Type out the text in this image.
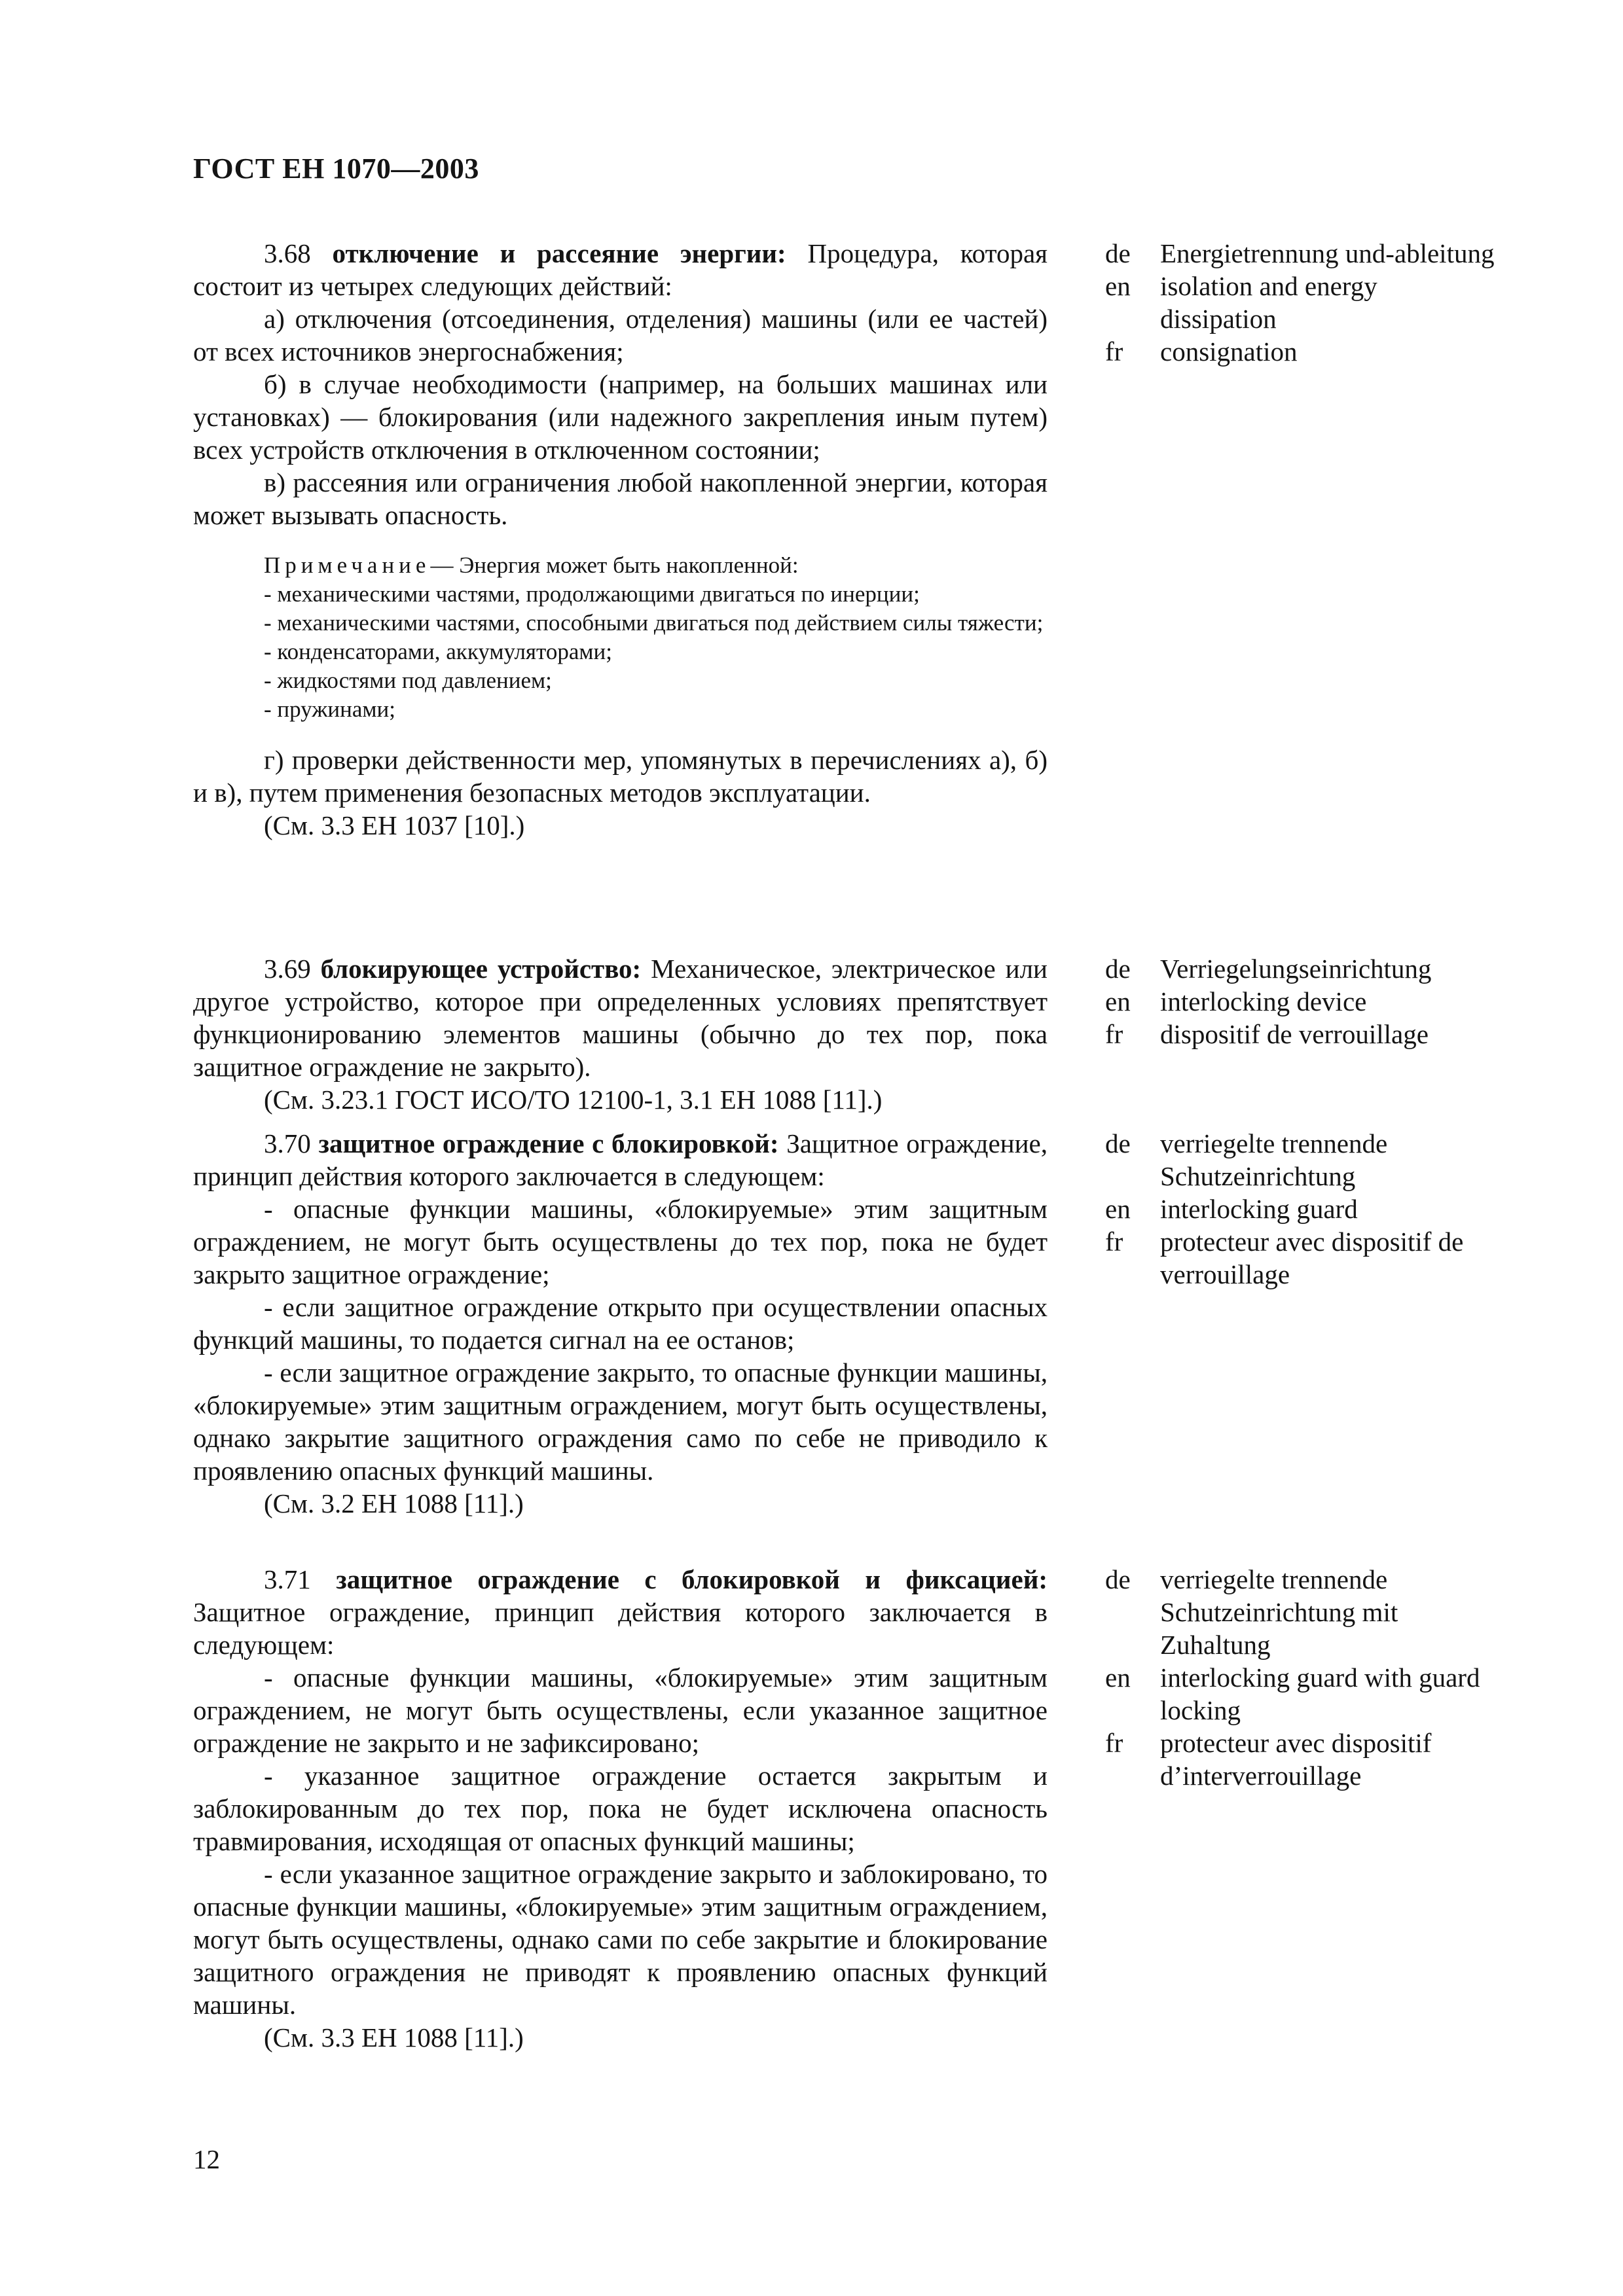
ГОСТ ЕН 1070—2003

3.68 отключение и рассеяние энергии: Процедура, которая состоит из четырех следующих действий:

а) отключения (отсоединения, отделения) машины (или ее частей) от всех источников энергоснабжения;

б) в случае необходимости (например, на больших машинах или установках) — блокирования (или надежного закрепления иным путем) всех устройств отключения в отключенном состоянии;

в) рассеяния или ограничения любой накопленной энергии, которая может вызывать опасность.

Примечание— Энергия может быть накопленной:
- механическими частями, продолжающими двигаться по инерции;
- механическими частями, способными двигаться под действием силы тяжести;
- конденсаторами, аккумуляторами;
- жидкостями под давлением;
- пружинами;

г) проверки действенности мер, упомянутых в перечислениях а), б) и в), путем применения безопасных методов эксплуатации.

(См. 3.3 ЕН 1037 [10].)

de	Energietrennung und-ableitung
en	isolation and energy dissipation
fr	consignation

3.69 блокирующее устройство: Механическое, электрическое или другое устройство, которое при определенных условиях препятствует функционированию элементов машины (обычно до тех пор, пока защитное ограждение не закрыто).

(См. 3.23.1 ГОСТ ИСО/ТО 12100-1, 3.1 ЕН 1088 [11].)

de	Verriegelungseinrichtung
en	interlocking device
fr	dispositif de verrouillage

3.70 защитное ограждение с блокировкой: Защитное ограждение, принцип действия которого заключается в следующем:

- опасные функции машины, «блокируемые» этим защитным ограждением, не могут быть осуществлены до тех пор, пока не будет закрыто защитное ограждение;

- если защитное ограждение открыто при осуществлении опасных функций машины, то подается сигнал на ее останов;

- если защитное ограждение закрыто, то опасные функции машины, «блокируемые» этим защитным ограждением, могут быть осуществлены, однако закрытие защитного ограждения само по себе не приводило к проявлению опасных функций машины.

(См. 3.2 ЕН 1088 [11].)

de	verriegelte trennende Schutzeinrichtung
en	interlocking guard
fr	protecteur avec dispositif de verrouillage

3.71 защитное ограждение с блокировкой и фиксацией: Защитное ограждение, принцип действия которого заключается в следующем:

- опасные функции машины, «блокируемые» этим защитным ограждением, не могут быть осуществлены, если указанное защитное ограждение не закрыто и не зафиксировано;

- указанное защитное ограждение остается закрытым и заблокированным до тех пор, пока не будет исключена опасность травмирования, исходящая от опасных функций машины;

- если указанное защитное ограждение закрыто и заблокировано, то опасные функции машины, «блокируемые» этим защитным ограждением, могут быть осуществлены, однако сами по себе закрытие и блокирование защитного ограждения не приводят к проявлению опасных функций машины.

(См. 3.3 ЕН 1088 [11].)

de	verriegelte trennende Schutzeinrichtung mit Zuhaltung
en	interlocking guard with guard locking
fr	protecteur avec dispositif d’interverrouillage
12
